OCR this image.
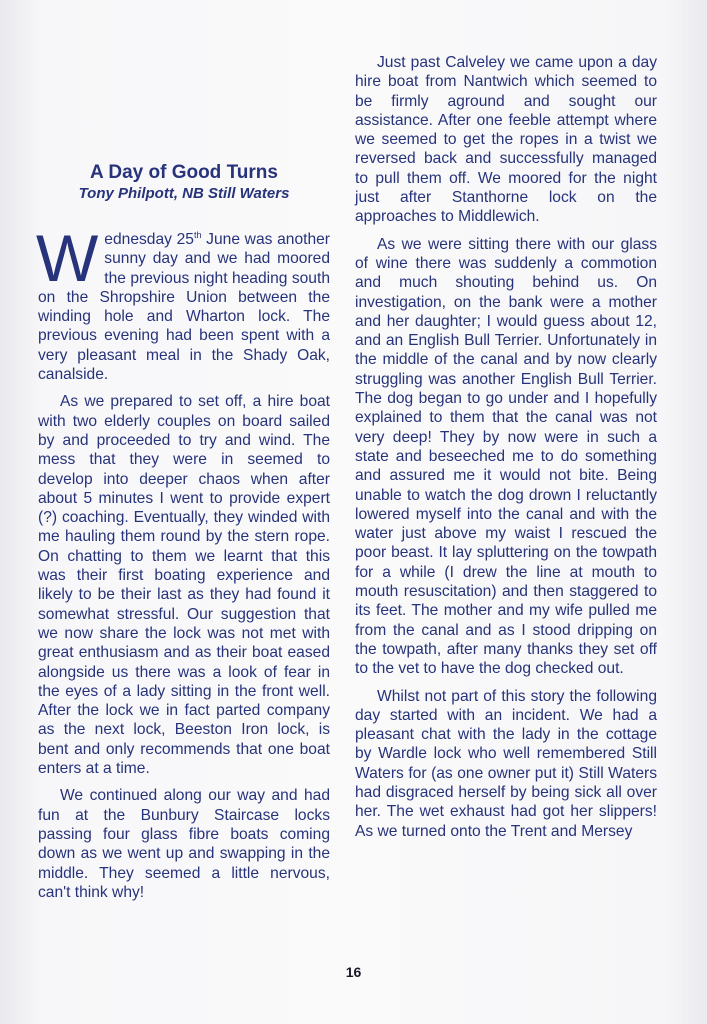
A Day of Good Turns
Tony Philpott, NB Still Waters

Wednesday 25th June was another sunny day and we had moored the previous night heading south on the Shropshire Union between the winding hole and Wharton lock. The previous evening had been spent with a very pleasant meal in the Shady Oak, canalside.

As we prepared to set off, a hire boat with two elderly couples on board sailed by and proceeded to try and wind. The mess that they were in seemed to develop into deeper chaos when after about 5 minutes I went to provide expert (?) coaching. Eventually, they winded with me hauling them round by the stern rope. On chatting to them we learnt that this was their first boating experience and likely to be their last as they had found it somewhat stressful. Our suggestion that we now share the lock was not met with great enthusiasm and as their boat eased alongside us there was a look of fear in the eyes of a lady sitting in the front well. After the lock we in fact parted company as the next lock, Beeston Iron lock, is bent and only recommends that one boat enters at a time.

We continued along our way and had fun at the Bunbury Staircase locks passing four glass fibre boats coming down as we went up and swapping in the middle. They seemed a little nervous, can't think why!

Just past Calveley we came upon a day hire boat from Nantwich which seemed to be firmly aground and sought our assistance. After one feeble attempt where we seemed to get the ropes in a twist we reversed back and successfully managed to pull them off. We moored for the night just after Stanthorne lock on the approaches to Middlewich.

As we were sitting there with our glass of wine there was suddenly a commotion and much shouting behind us. On investigation, on the bank were a mother and her daughter; I would guess about 12, and an English Bull Terrier. Unfortunately in the middle of the canal and by now clearly struggling was another English Bull Terrier. The dog began to go under and I hopefully explained to them that the canal was not very deep! They by now were in such a state and beseeched me to do something and assured me it would not bite. Being unable to watch the dog drown I reluctantly lowered myself into the canal and with the water just above my waist I rescued the poor beast. It lay spluttering on the towpath for a while (I drew the line at mouth to mouth resuscitation) and then staggered to its feet. The mother and my wife pulled me from the canal and as I stood dripping on the towpath, after many thanks they set off to the vet to have the dog checked out.

Whilst not part of this story the following day started with an incident. We had a pleasant chat with the lady in the cottage by Wardle lock who well remembered Still Waters for (as one owner put it) Still Waters had disgraced herself by being sick all over her. The wet exhaust had got her slippers! As we turned onto the Trent and Mersey

16
